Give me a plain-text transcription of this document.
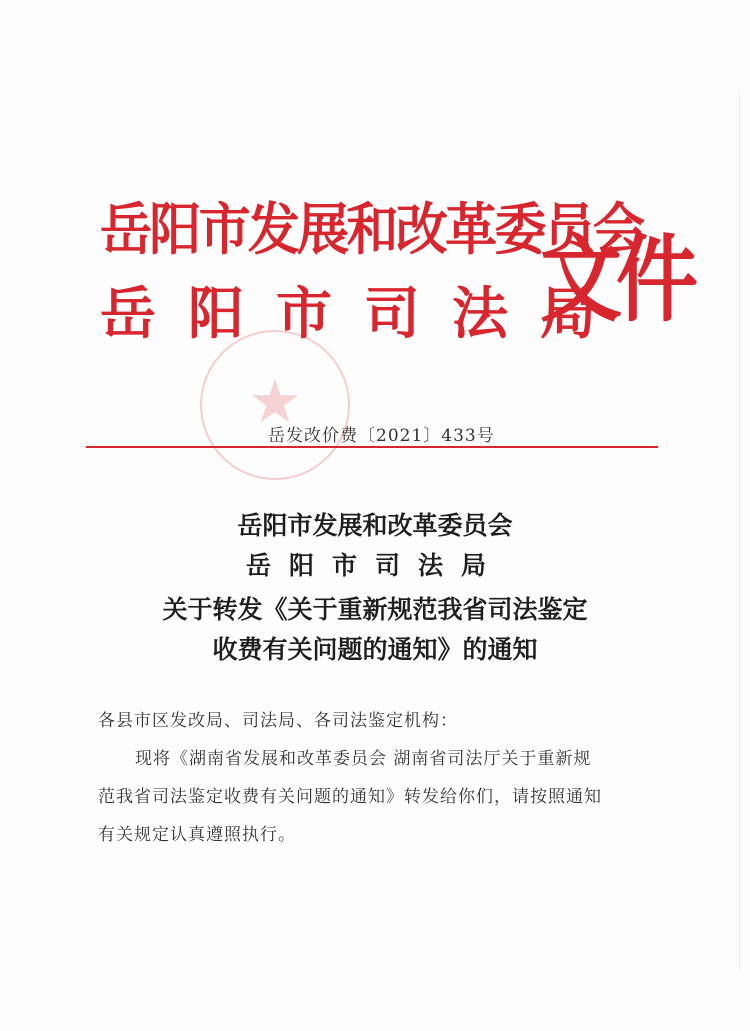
★
岳阳市发展和改革委员会
岳阳市司法局
文件
岳发改价费〔2021〕433号
岳阳市发展和改革委员会
岳阳市司法局
关于转发《关于重新规范我省司法鉴定
收费有关问题的通知》的通知
各县市区发改局、司法局、各司法鉴定机构：
现将《湖南省发展和改革委员会 湖南省司法厅关于重新规
范我省司法鉴定收费有关问题的通知》转发给你们，请按照通知
有关规定认真遵照执行。
